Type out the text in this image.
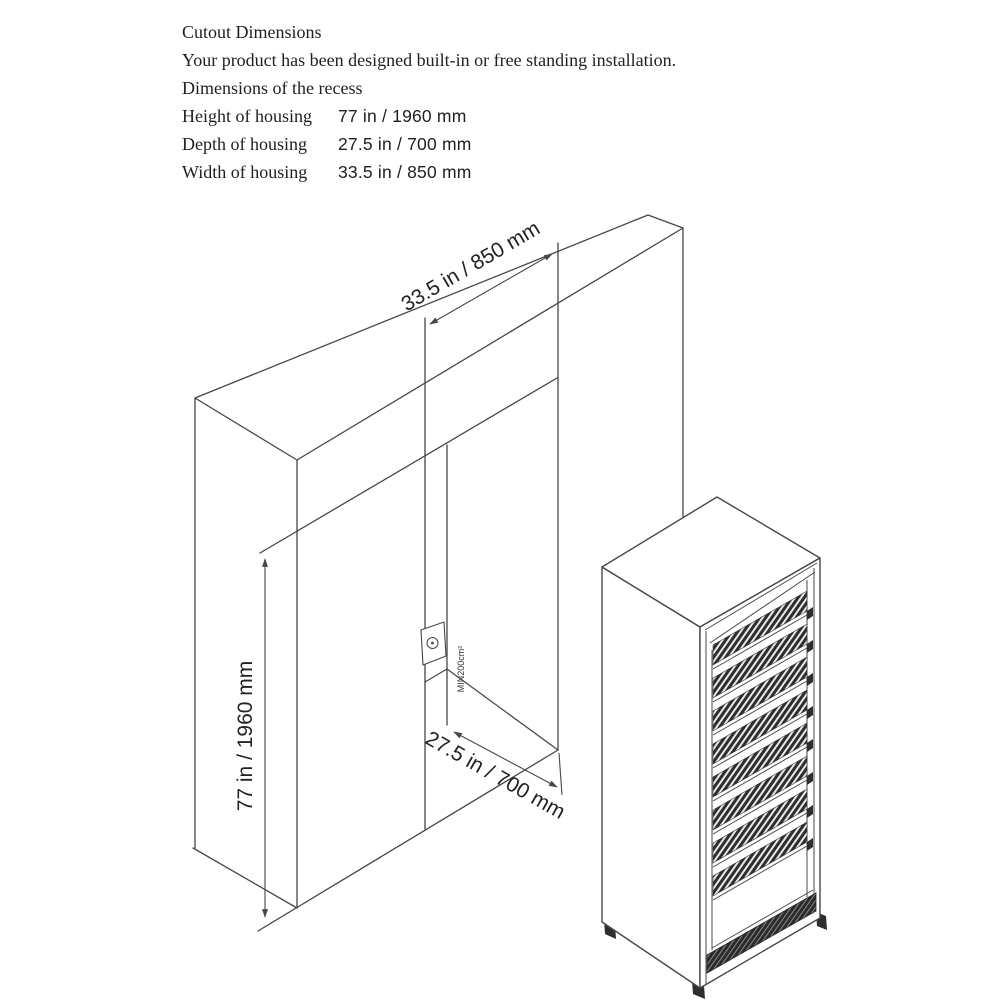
Cutout Dimensions
Your product has been designed built-in or free standing installation.
Dimensions of the recess
Height of housing	77 in / 1960 mm
Depth of housing	27.5 in / 700 mm
Width of housing	33.5 in / 850 mm
MIN200cm²
33.5 in / 850 mm
77 in / 1960 mm	27.5 in / 700 mm
